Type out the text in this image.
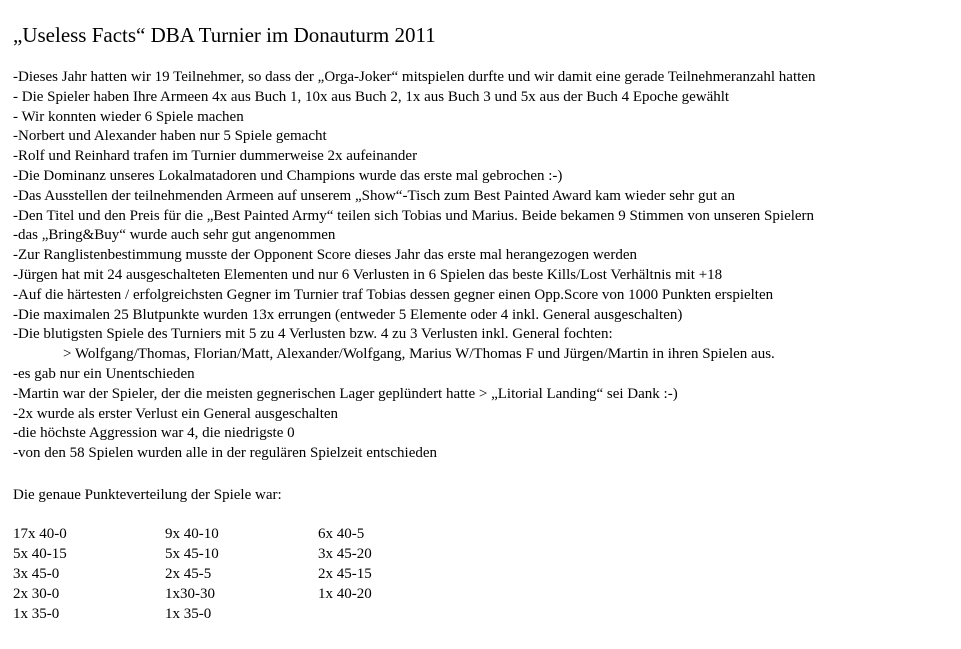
„Useless Facts“ DBA Turnier im Donauturm 2011
-Dieses Jahr hatten wir 19 Teilnehmer, so dass der „Orga-Joker“ mitspielen durfte und wir damit eine gerade Teilnehmeranzahl hatten
- Die Spieler haben Ihre Armeen 4x aus Buch 1, 10x aus Buch 2, 1x aus Buch 3 und 5x aus der Buch 4 Epoche gewählt
- Wir konnten wieder 6 Spiele machen
-Norbert und Alexander haben nur 5 Spiele gemacht
-Rolf und Reinhard trafen im Turnier dummerweise 2x aufeinander
-Die Dominanz unseres Lokalmatadoren und Champions wurde das erste mal gebrochen :-)
-Das Ausstellen der teilnehmenden Armeen auf unserem „Show“-Tisch zum Best Painted Award kam wieder sehr gut an
-Den Titel und den Preis für die „Best Painted Army“ teilen sich Tobias und Marius. Beide bekamen 9 Stimmen von unseren Spielern
-das „Bring&Buy“ wurde auch sehr gut angenommen
-Zur Ranglistenbestimmung musste der Opponent Score dieses Jahr das erste mal herangezogen werden
-Jürgen hat mit 24 ausgeschalteten Elementen und nur 6 Verlusten in 6 Spielen das beste Kills/Lost Verhältnis mit +18
-Auf die härtesten / erfolgreichsten Gegner im Turnier traf Tobias dessen gegner einen Opp.Score von 1000 Punkten erspielten
-Die maximalen 25 Blutpunkte wurden 13x errungen (entweder 5 Elemente oder 4 inkl. General ausgeschalten)
-Die blutigsten Spiele des Turniers mit 5 zu 4 Verlusten bzw. 4 zu 3 Verlusten inkl. General fochten:
> Wolfgang/Thomas, Florian/Matt, Alexander/Wolfgang, Marius W/Thomas F und Jürgen/Martin in ihren Spielen aus.
-es gab nur ein Unentschieden
-Martin war der Spieler, der die meisten gegnerischen Lager geplündert hatte > „Litorial Landing“ sei Dank :-)
-2x wurde als erster Verlust ein General ausgeschalten
-die höchste Aggression war 4, die niedrigste 0
-von den 58 Spielen wurden alle in der regulären Spielzeit entschieden
Die genaue Punkteverteilung der Spiele war:
17x 40-0
5x 40-15
3x 45-0
2x 30-0
1x 35-0
9x 40-10
5x 45-10
2x 45-5
1x30-30
1x 35-0
6x 40-5
3x 45-20
2x 45-15
1x 40-20
